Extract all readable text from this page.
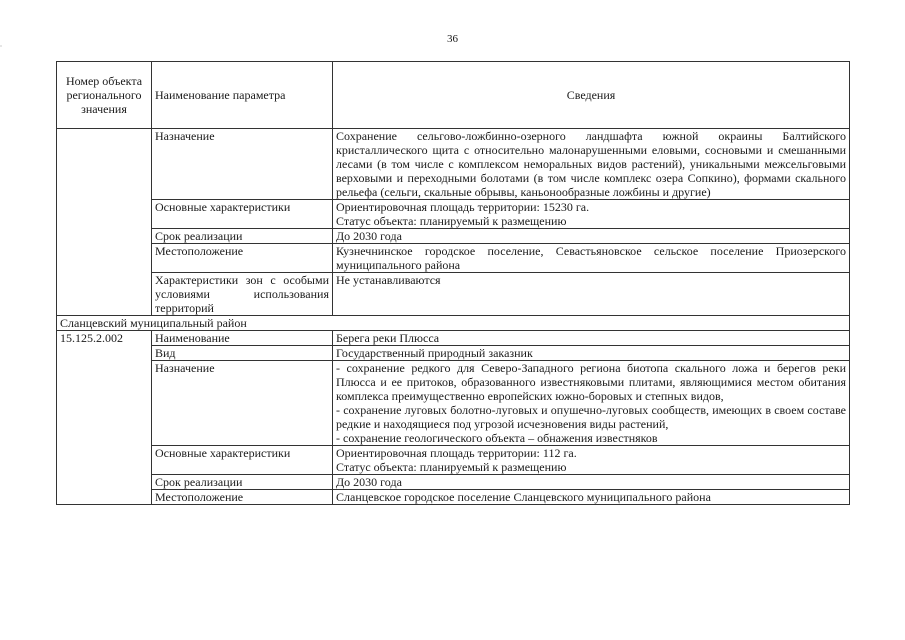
36
Номер объекта регионального значения	Наименование параметра	Сведения
	Назначение	Сохранение сельгово-ложбинно-озерного ландшафта южной окраины Балтийского кристаллического щита с относительно малонарушенными еловыми, сосновыми и смешанными лесами (в том числе с комплексом неморальных видов растений), уникальными межсельговыми верховыми и переходными болотами (в том числе комплекс озера Сопкино), формами скального рельефа (сельги, скальные обрывы, каньонообразные ложбины и другие)
	Основные характеристики	Ориентировочная площадь территории: 15230 га.
Статус объекта: планируемый к размещению

	Срок реализации	До 2030 года
	Местоположение	Кузнечнинское городское поселение, Севастьяновское сельское поселение Приозерского муниципального района
	Характеристики зон с особыми условиями использования территорий	Не устанавливаются
Сланцевский муниципальный район		
15.125.2.002	Наименование	Берега реки Плюсса
	Вид	Государственный природный заказник
	Назначение	- сохранение редкого для Северо-Западного региона биотопа скального ложа и берегов реки Плюсса и ее притоков, образованного известняковыми плитами, являющимися местом обитания комплекса преимущественно европейских южно-боровых и степных видов,
- сохранение луговых болотно-луговых и опушечно-луговых сообществ, имеющих в своем составе редкие и находящиеся под угрозой исчезновения виды растений,
- сохранение геологического объекта – обнажения известняков

	Основные характеристики	Ориентировочная площадь территории: 112 га.
Статус объекта: планируемый к размещению

	Срок реализации	До 2030 года
	Местоположение	Сланцевское городское поселение Сланцевского муниципального района
